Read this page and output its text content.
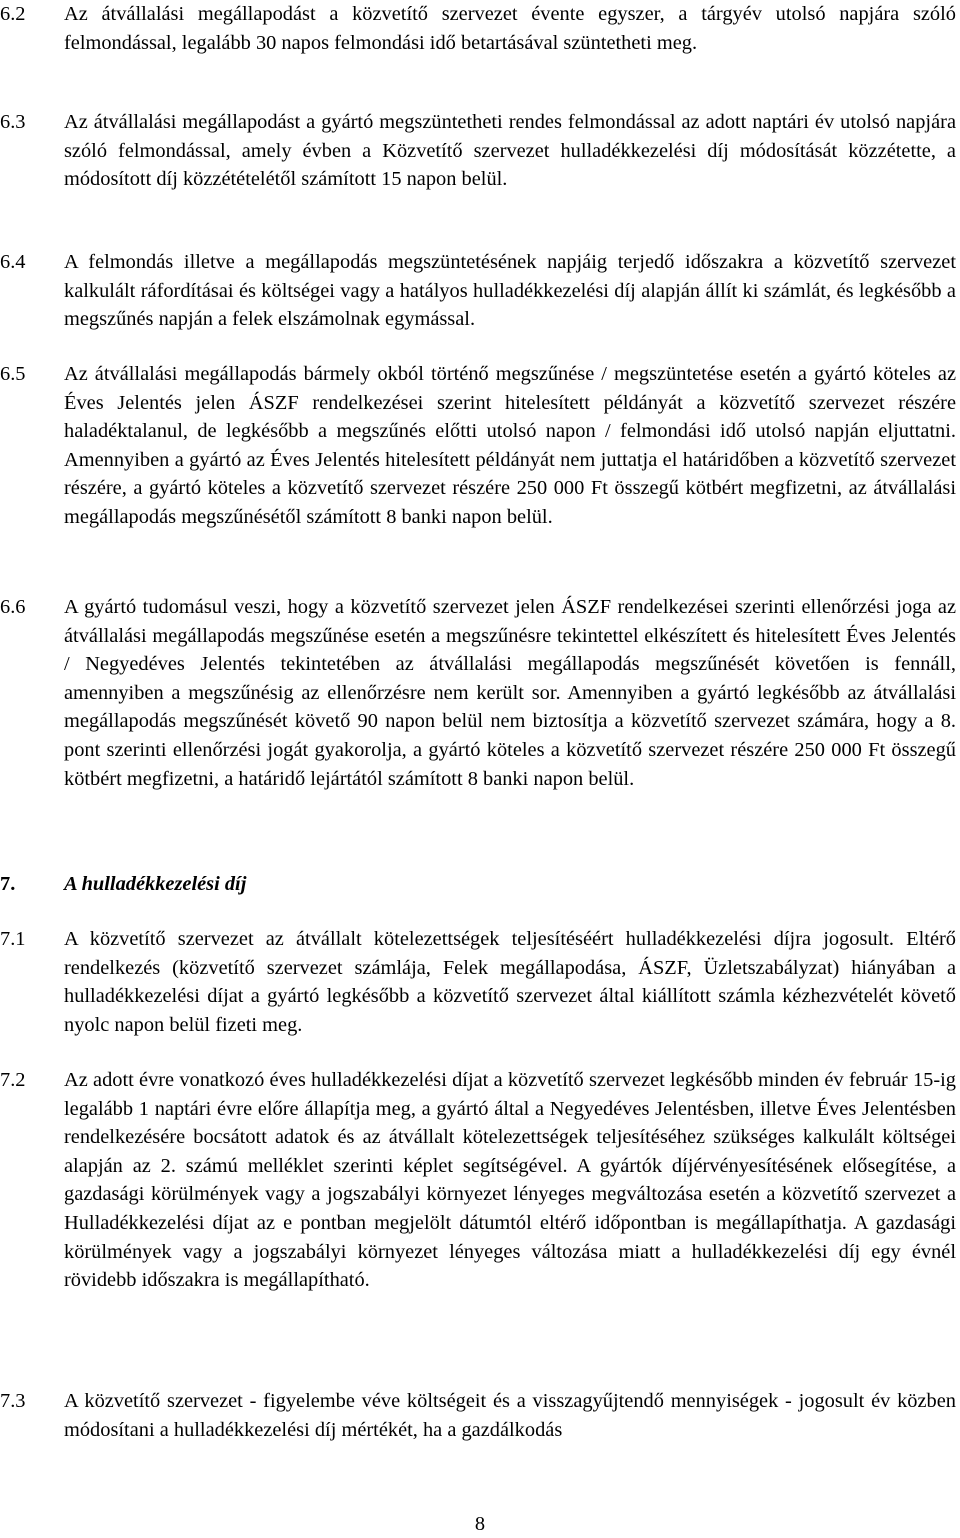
6.2	Az átvállalási megállapodást a közvetítő szervezet évente egyszer, a tárgyév utolsó napjára szóló felmondással, legalább 30 napos felmondási idő betartásával szüntetheti meg.
6.3	Az átvállalási megállapodást a gyártó megszüntetheti rendes felmondással az adott naptári év utolsó napjára szóló felmondással, amely évben a Közvetítő szervezet hulladékkezelési díj módosítását közzétette, a módosított díj közzétételétől számított 15 napon belül.
6.4	A felmondás illetve a megállapodás megszüntetésének napjáig terjedő időszakra a közvetítő szervezet kalkulált ráfordításai és költségei vagy a hatályos hulladékkezelési díj alapján állít ki számlát, és legkésőbb a megszűnés napján a felek elszámolnak egymással.
6.5	Az átvállalási megállapodás bármely okból történő megszűnése / megszüntetése esetén a gyártó köteles az Éves Jelentés jelen ÁSZF rendelkezései szerint hitelesített példányát a közvetítő szervezet részére haladéktalanul, de legkésőbb a megszűnés előtti utolsó napon / felmondási idő utolsó napján eljuttatni. Amennyiben a gyártó az Éves Jelentés hitelesített példányát nem juttatja el határidőben a közvetítő szervezet részére, a gyártó köteles a közvetítő szervezet részére 250 000 Ft összegű kötbért megfizetni, az átvállalási megállapodás megszűnésétől számított 8 banki napon belül.
6.6	A gyártó tudomásul veszi, hogy a közvetítő szervezet jelen ÁSZF rendelkezései szerinti ellenőrzési joga az átvállalási megállapodás megszűnése esetén a megszűnésre tekintettel elkészített és hitelesített Éves Jelentés / Negyedéves Jelentés tekintetében az átvállalási megállapodás megszűnését követően is fennáll, amennyiben a megszűnésig az ellenőrzésre nem került sor. Amennyiben a gyártó legkésőbb az átvállalási megállapodás megszűnését követő 90 napon belül nem biztosítja a közvetítő szervezet számára, hogy a 8. pont szerinti ellenőrzési jogát gyakorolja, a gyártó köteles a közvetítő szervezet részére 250 000 Ft összegű kötbért megfizetni, a határidő lejártától számított 8 banki napon belül.
7.	A hulladékkezelési díj
7.1	A közvetítő szervezet az átvállalt kötelezettségek teljesítéséért hulladékkezelési díjra jogosult. Eltérő rendelkezés (közvetítő szervezet számlája, Felek megállapodása, ÁSZF, Üzletszabályzat) hiányában a hulladékkezelési díjat a gyártó legkésőbb a közvetítő szervezet által kiállított számla kézhezvételét követő nyolc napon belül fizeti meg.
7.2	Az adott évre vonatkozó éves hulladékkezelési díjat a közvetítő szervezet legkésőbb minden év február 15-ig legalább 1 naptári évre előre állapítja meg, a gyártó által a Negyedéves Jelentésben, illetve Éves Jelentésben rendelkezésére bocsátott adatok és az átvállalt kötelezettségek teljesítéséhez szükséges kalkulált költségei alapján az 2. számú melléklet szerinti képlet segítségével. A gyártók díjérvényesítésének elősegítése, a gazdasági körülmények vagy a jogszabályi környezet lényeges megváltozása esetén a közvetítő szervezet a Hulladékkezelési díjat az e pontban megjelölt dátumtól eltérő időpontban is megállapíthatja. A gazdasági körülmények vagy a jogszabályi környezet lényeges változása miatt a hulladékkezelési díj egy évnél rövidebb időszakra is megállapítható.
7.3	A közvetítő szervezet - figyelembe véve költségeit és a visszagyűjtendő mennyiségek - jogosult év közben módosítani a hulladékkezelési díj mértékét, ha a gazdálkodás
8
